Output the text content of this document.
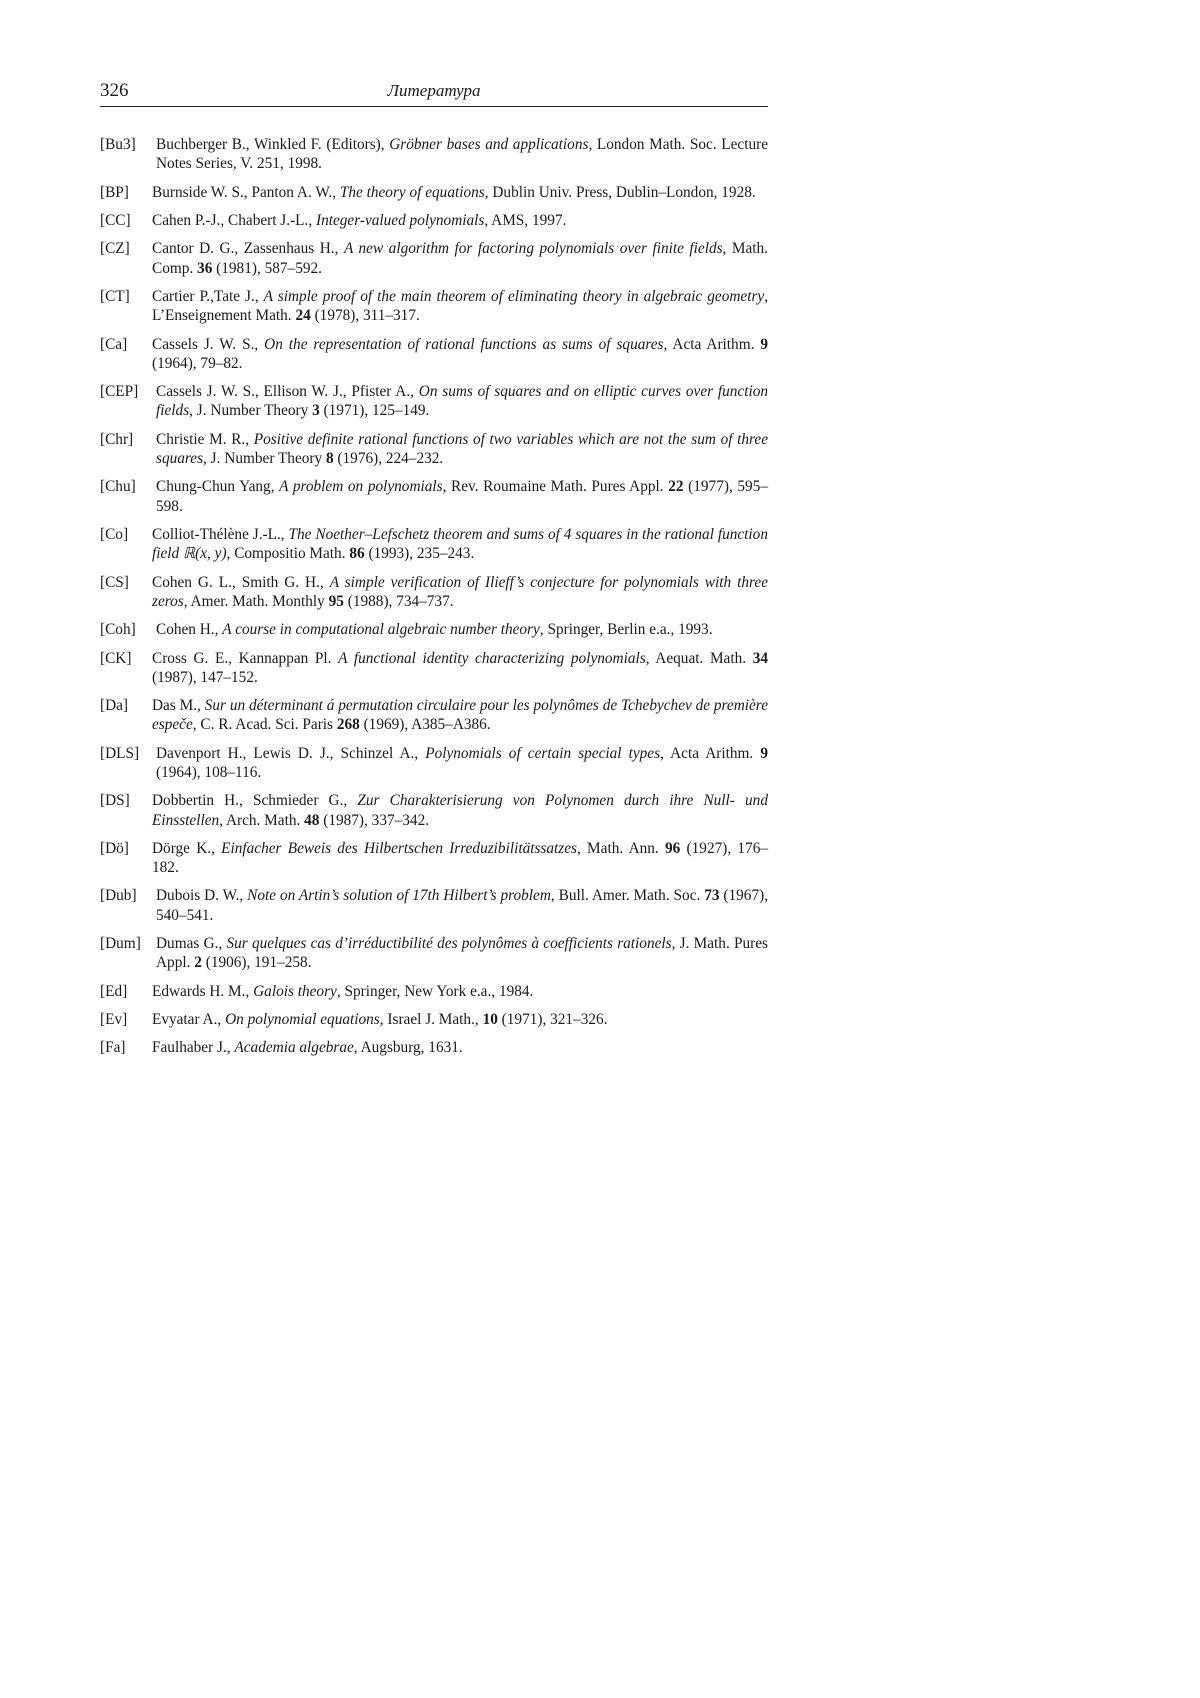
326	Литература
[Bu3] Buchberger B., Winkled F. (Editors), Gröbner bases and applications, London Math. Soc. Lecture Notes Series, V. 251, 1998.
[BP] Burnside W. S., Panton A. W., The theory of equations, Dublin Univ. Press, Dublin–London, 1928.
[CC] Cahen P.-J., Chabert J.-L., Integer-valued polynomials, AMS, 1997.
[CZ] Cantor D. G., Zassenhaus H., A new algorithm for factoring polynomials over finite fields, Math. Comp. 36 (1981), 587–592.
[CT] Cartier P.,Tate J., A simple proof of the main theorem of eliminating theory in algebraic geometry, L’Enseignement Math. 24 (1978), 311–317.
[Ca] Cassels J. W. S., On the representation of rational functions as sums of squares, Acta Arithm. 9 (1964), 79–82.
[CEP] Cassels J. W. S., Ellison W. J., Pfister A., On sums of squares and on elliptic curves over function fields, J. Number Theory 3 (1971), 125–149.
[Chr] Christie M. R., Positive definite rational functions of two variables which are not the sum of three squares, J. Number Theory 8 (1976), 224–232.
[Chu] Chung-Chun Yang, A problem on polynomials, Rev. Roumaine Math. Pures Appl. 22 (1977), 595–598.
[Co] Colliot-Thélène J.-L., The Noether–Lefschetz theorem and sums of 4 squares in the rational function field ℝ(x, y), Compositio Math. 86 (1993), 235–243.
[CS] Cohen G. L., Smith G. H., A simple verification of Ilieff’s conjecture for polynomials with three zeros, Amer. Math. Monthly 95 (1988), 734–737.
[Coh] Cohen H., A course in computational algebraic number theory, Springer, Berlin e.a., 1993.
[CK] Cross G. E., Kannappan Pl. A functional identity characterizing polynomials, Aequat. Math. 34 (1987), 147–152.
[Da] Das M., Sur un déterminant á permutation circulaire pour les polynômes de Tchebychev de premiѐre espeče, C. R. Acad. Sci. Paris 268 (1969), A385–A386.
[DLS] Davenport H., Lewis D. J., Schinzel A., Polynomials of certain special types, Acta Arithm. 9 (1964), 108–116.
[DS] Dobbertin H., Schmieder G., Zur Charakterisierung von Polynomen durch ihre Null- und Einsstellen, Arch. Math. 48 (1987), 337–342.
[Dö] Dörge K., Einfacher Beweis des Hilbertschen Irreduzibilitätssatzes, Math. Ann. 96 (1927), 176–182.
[Dub] Dubois D. W., Note on Artin’s solution of 17th Hilbert’s problem, Bull. Amer. Math. Soc. 73 (1967), 540–541.
[Dum] Dumas G., Sur quelques cas d’irréductibilité des polynômes à coefficients rationels, J. Math. Pures Appl. 2 (1906), 191–258.
[Ed] Edwards H. M., Galois theory, Springer, New York e.a., 1984.
[Ev] Evyatar A., On polynomial equations, Israel J. Math., 10 (1971), 321–326.
[Fa] Faulhaber J., Academia algebrae, Augsburg, 1631.
